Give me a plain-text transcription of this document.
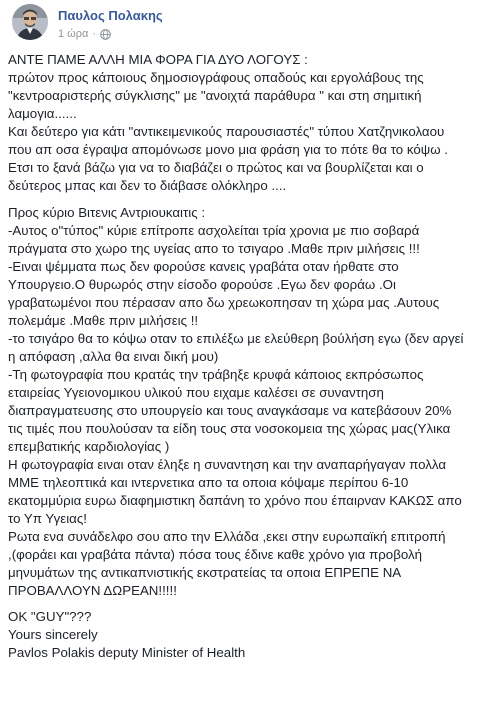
Παυλος Πολακης
1 ώρα ·

ΑΝΤΕ ΠΑΜΕ ΑΛΛΗ ΜΙΑ ΦΟΡΑ ΓΙΑ ΔΥΟ ΛΟΓΟΥΣ :

πρώτον προς κάποιους δημοσιογράφους οπαδούς και εργολάβους της

"κεντροαριστερής σύγκλισης" με "ανοιχτά παράθυρα " και στη σημιτική

λαμογια......

Και δεύτερο για κάτι "αντικειμενικούς παρουσιαστές" τύπου Χατζηνικολαου

που απ οσα έγραψα απομόνωσε μονο μια φράση για το πότε θα το κόψω .

Ετσι το ξανά βάζω για να το διαβάζει ο πρώτος και να βουρλίζεται και ο

δεύτερος μπας και δεν το διάβασε ολόκληρο ....

Προς κύριο Βιτενις Αντριουκαιτις :

-Αυτος ο"τύπος" κύριε επίτροπε ασχολείται τρία χρονια με πιο σοβαρά

πράγματα στο χωρο της υγείας απο το τσιγαρο .Μαθε πριν μιλήσεις !!!

-Ειναι ψέμματα πως δεν φορούσε κανεις γραβάτα οταν ήρθατε στο

Υπουργειο.Ο θυρωρός στην είσοδο φορούσε .Εγω δεν φοράω .Οι

γραβατωμένοι που πέρασαν απο δω χρεωκοπησαν τη χώρα μας .Αυτους

πολεμάμε .Μαθε πριν μιλήσεις !!

-το τσιγάρο θα το κόψω οταν το επιλέξω με ελεύθερη βούλήση εγω (δεν αργεί

η απόφαση ,αλλα θα ειναι δική μου)

-Τη φωτογραφία που κρατάς την τράβηξε κρυφά κάποιος εκπρόσωπος

εταιρείας Υγειονομικου υλικού που ειχαμε καλέσει σε συναντηση

διαπραγματευσης στο υπουργείο και τους αναγκάσαμε να κατεβάσουν 20%

τις τιμές που πουλούσαν τα είδη τους στα νοσοκομεια της χώρας μας(Υλικα

επεμβατικής καρδιολογίας )

Η φωτογραφία ειναι οταν έληξε η συναντηση και την αναπαρήγαγαν πολλα

ΜΜΕ τηλεοπτικά και ιντερνετικα απο τα οποια κόψαμε περίπου 6-10

εκατομμύρια ευρω διαφημιστικη δαπάνη το χρόνο που έπαιρναν ΚΑΚΩΣ απο

το Υπ Υγειας!

Ρωτα ενα συνάδελφο σου απο την Ελλάδα ,εκει στην ευρωπαϊκή επιτροπή

,(φοράει και γραβάτα πάντα) πόσα τους έδινε καθε χρόνο για προβολή

μηνυμάτων της αντικαπνιστικής εκστρατείας τα οποια ΕΠΡΕΠΕ ΝΑ

ΠΡΟΒΑΛΛΟΥΝ ΔΩΡΕΑΝ!!!!!

OK "GUY"???

Yours sincerely

Pavlos Polakis deputy Minister of Health
